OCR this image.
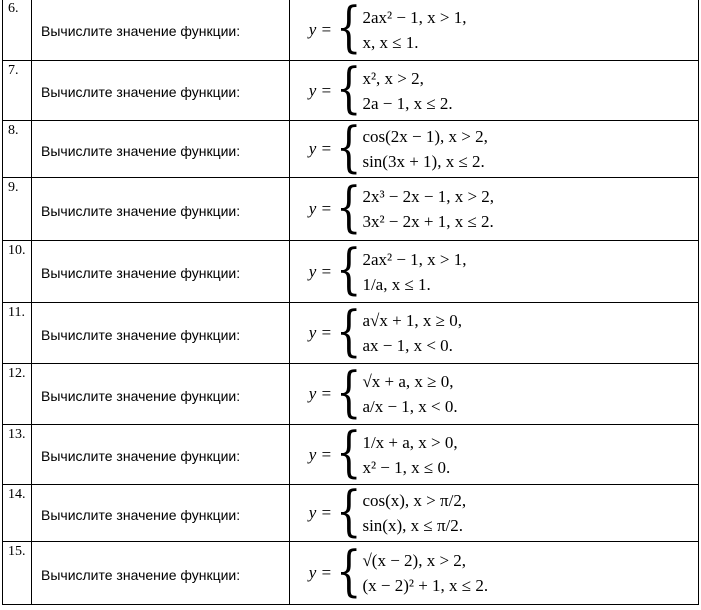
6.	Вычислите значение функции:	y = { 2ax² − 1, x > 1,
x, x ≤ 1.

7.	Вычислите значение функции:	y = { x², x > 2,
2a − 1, x ≤ 2.

8.	Вычислите значение функции:	y = { cos(2x − 1), x > 2,
sin(3x + 1), x ≤ 2.

9.	Вычислите значение функции:	y = { 2x³ − 2x − 1, x > 2,
3x² − 2x + 1, x ≤ 2.

10.	Вычислите значение функции:	y = { 2ax² − 1, x > 1,
1/a, x ≤ 1.

11.	Вычислите значение функции:	y = { a√x + 1, x ≥ 0,
ax − 1, x < 0.

12.	Вычислите значение функции:	y = { √x + a, x ≥ 0,
a/x − 1, x < 0.

13.	Вычислите значение функции:	y = { 1/x + a, x > 0,
x² − 1, x ≤ 0.

14.	Вычислите значение функции:	y = { cos(x), x > π/2,
sin(x), x ≤ π/2.

15.	Вычислите значение функции:	y = { √(x − 2), x > 2,
(x − 2)² + 1, x ≤ 2.
